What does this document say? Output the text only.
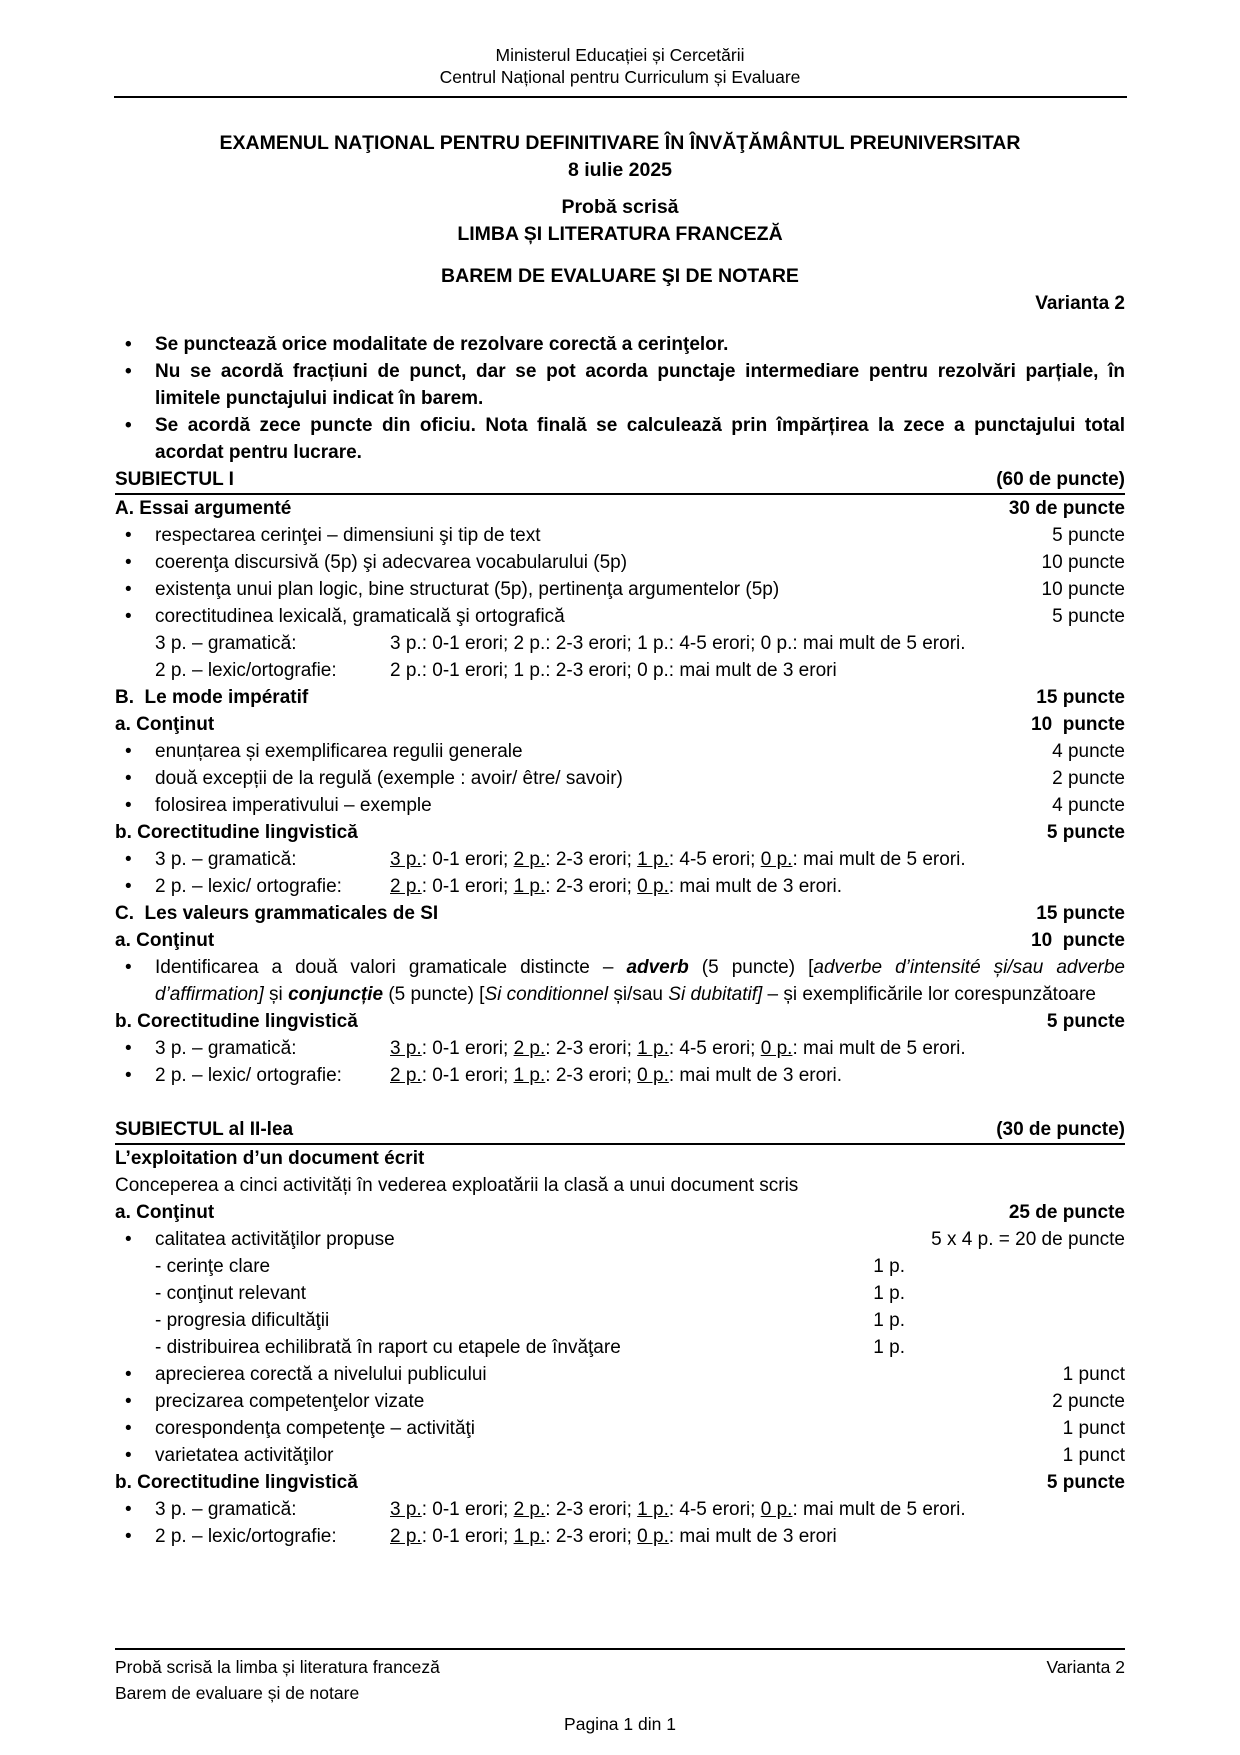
Ministerul Educației și Cercetării
Centrul Național pentru Curriculum și Evaluare
EXAMENUL NAŢIONAL PENTRU DEFINITIVARE ÎN ÎNVĂŢĂMÂNTUL PREUNIVERSITAR
8 iulie 2025
Probă scrisă
LIMBA ȘI LITERATURA FRANCEZĂ
BAREM DE EVALUARE ŞI DE NOTARE
Varianta 2
• Se punctează orice modalitate de rezolvare corectă a cerinţelor.
• Nu se acordă fracțiuni de punct, dar se pot acorda punctaje intermediare pentru rezolvări parțiale, în limitele punctajului indicat în barem.
• Se acordă zece puncte din oficiu. Nota finală se calculează prin împărțirea la zece a punctajului total acordat pentru lucrare.
SUBIECTUL I	(60 de puncte)
A. Essai argumenté	30 de puncte
• respectarea cerinţei – dimensiuni şi tip de text	5 puncte
• coerenţa discursivă (5p) şi adecvarea vocabularului (5p)	10 puncte
• existenţa unui plan logic, bine structurat (5p), pertinenţa argumentelor (5p)	10 puncte
• corectitudinea lexicală, gramaticală şi ortografică	5 puncte
3 p. – gramatică:	3 p.: 0-1 erori; 2 p.: 2-3 erori; 1 p.: 4-5 erori; 0 p.: mai mult de 5 erori.
2 p. – lexic/ortografie:	2 p.: 0-1 erori; 1 p.: 2-3 erori; 0 p.: mai mult de 3 erori
B.  Le mode impératif	15 puncte
a. Conţinut	10  puncte
• enunțarea și exemplificarea regulii generale	4 puncte
• două excepții de la regulă (exemple : avoir/ être/ savoir)	2 puncte
• folosirea imperativului – exemple	4 puncte
b. Corectitudine lingvistică	5 puncte
• 3 p. – gramatică:	3 p.: 0-1 erori; 2 p.: 2-3 erori; 1 p.: 4-5 erori; 0 p.: mai mult de 5 erori.
• 2 p. – lexic/ ortografie:	2 p.: 0-1 erori; 1 p.: 2-3 erori; 0 p.: mai mult de 3 erori.
C.  Les valeurs grammaticales de SI	15 puncte
a. Conţinut	10  puncte
• Identificarea a două valori gramaticale distincte – adverb (5 puncte) [adverbe d’intensité și/sau adverbe d’affirmation] și conjuncție (5 puncte) [Si conditionnel și/sau Si dubitatif] – și exemplificările lor corespunzătoare
b. Corectitudine lingvistică	5 puncte
• 3 p. – gramatică:	3 p.: 0-1 erori; 2 p.: 2-3 erori; 1 p.: 4-5 erori; 0 p.: mai mult de 5 erori.
• 2 p. – lexic/ ortografie:	2 p.: 0-1 erori; 1 p.: 2-3 erori; 0 p.: mai mult de 3 erori.
SUBIECTUL al II-lea	(30 de puncte)
L’exploitation d’un document écrit
Conceperea a cinci activități în vederea exploatării la clasă a unui document scris
a. Conţinut	25 de puncte
• calitatea activităţilor propuse	5 x 4 p. = 20 de puncte
- cerinţe clare	1 p.
- conţinut relevant	1 p.
- progresia dificultăţii	1 p.
- distribuirea echilibrată în raport cu etapele de învăţare	1 p.
• aprecierea corectă a nivelului publicului	1 punct
• precizarea competenţelor vizate	2 puncte
• corespondenţa competenţe – activităţi	1 punct
• varietatea activităţilor	1 punct
b. Corectitudine lingvistică	5 puncte
• 3 p. – gramatică:	3 p.: 0-1 erori; 2 p.: 2-3 erori; 1 p.: 4-5 erori; 0 p.: mai mult de 5 erori.
• 2 p. – lexic/ortografie:	2 p.: 0-1 erori; 1 p.: 2-3 erori; 0 p.: mai mult de 3 erori
Probă scrisă la limba și literatura franceză	Varianta 2
Barem de evaluare și de notare
Pagina 1 din 1
